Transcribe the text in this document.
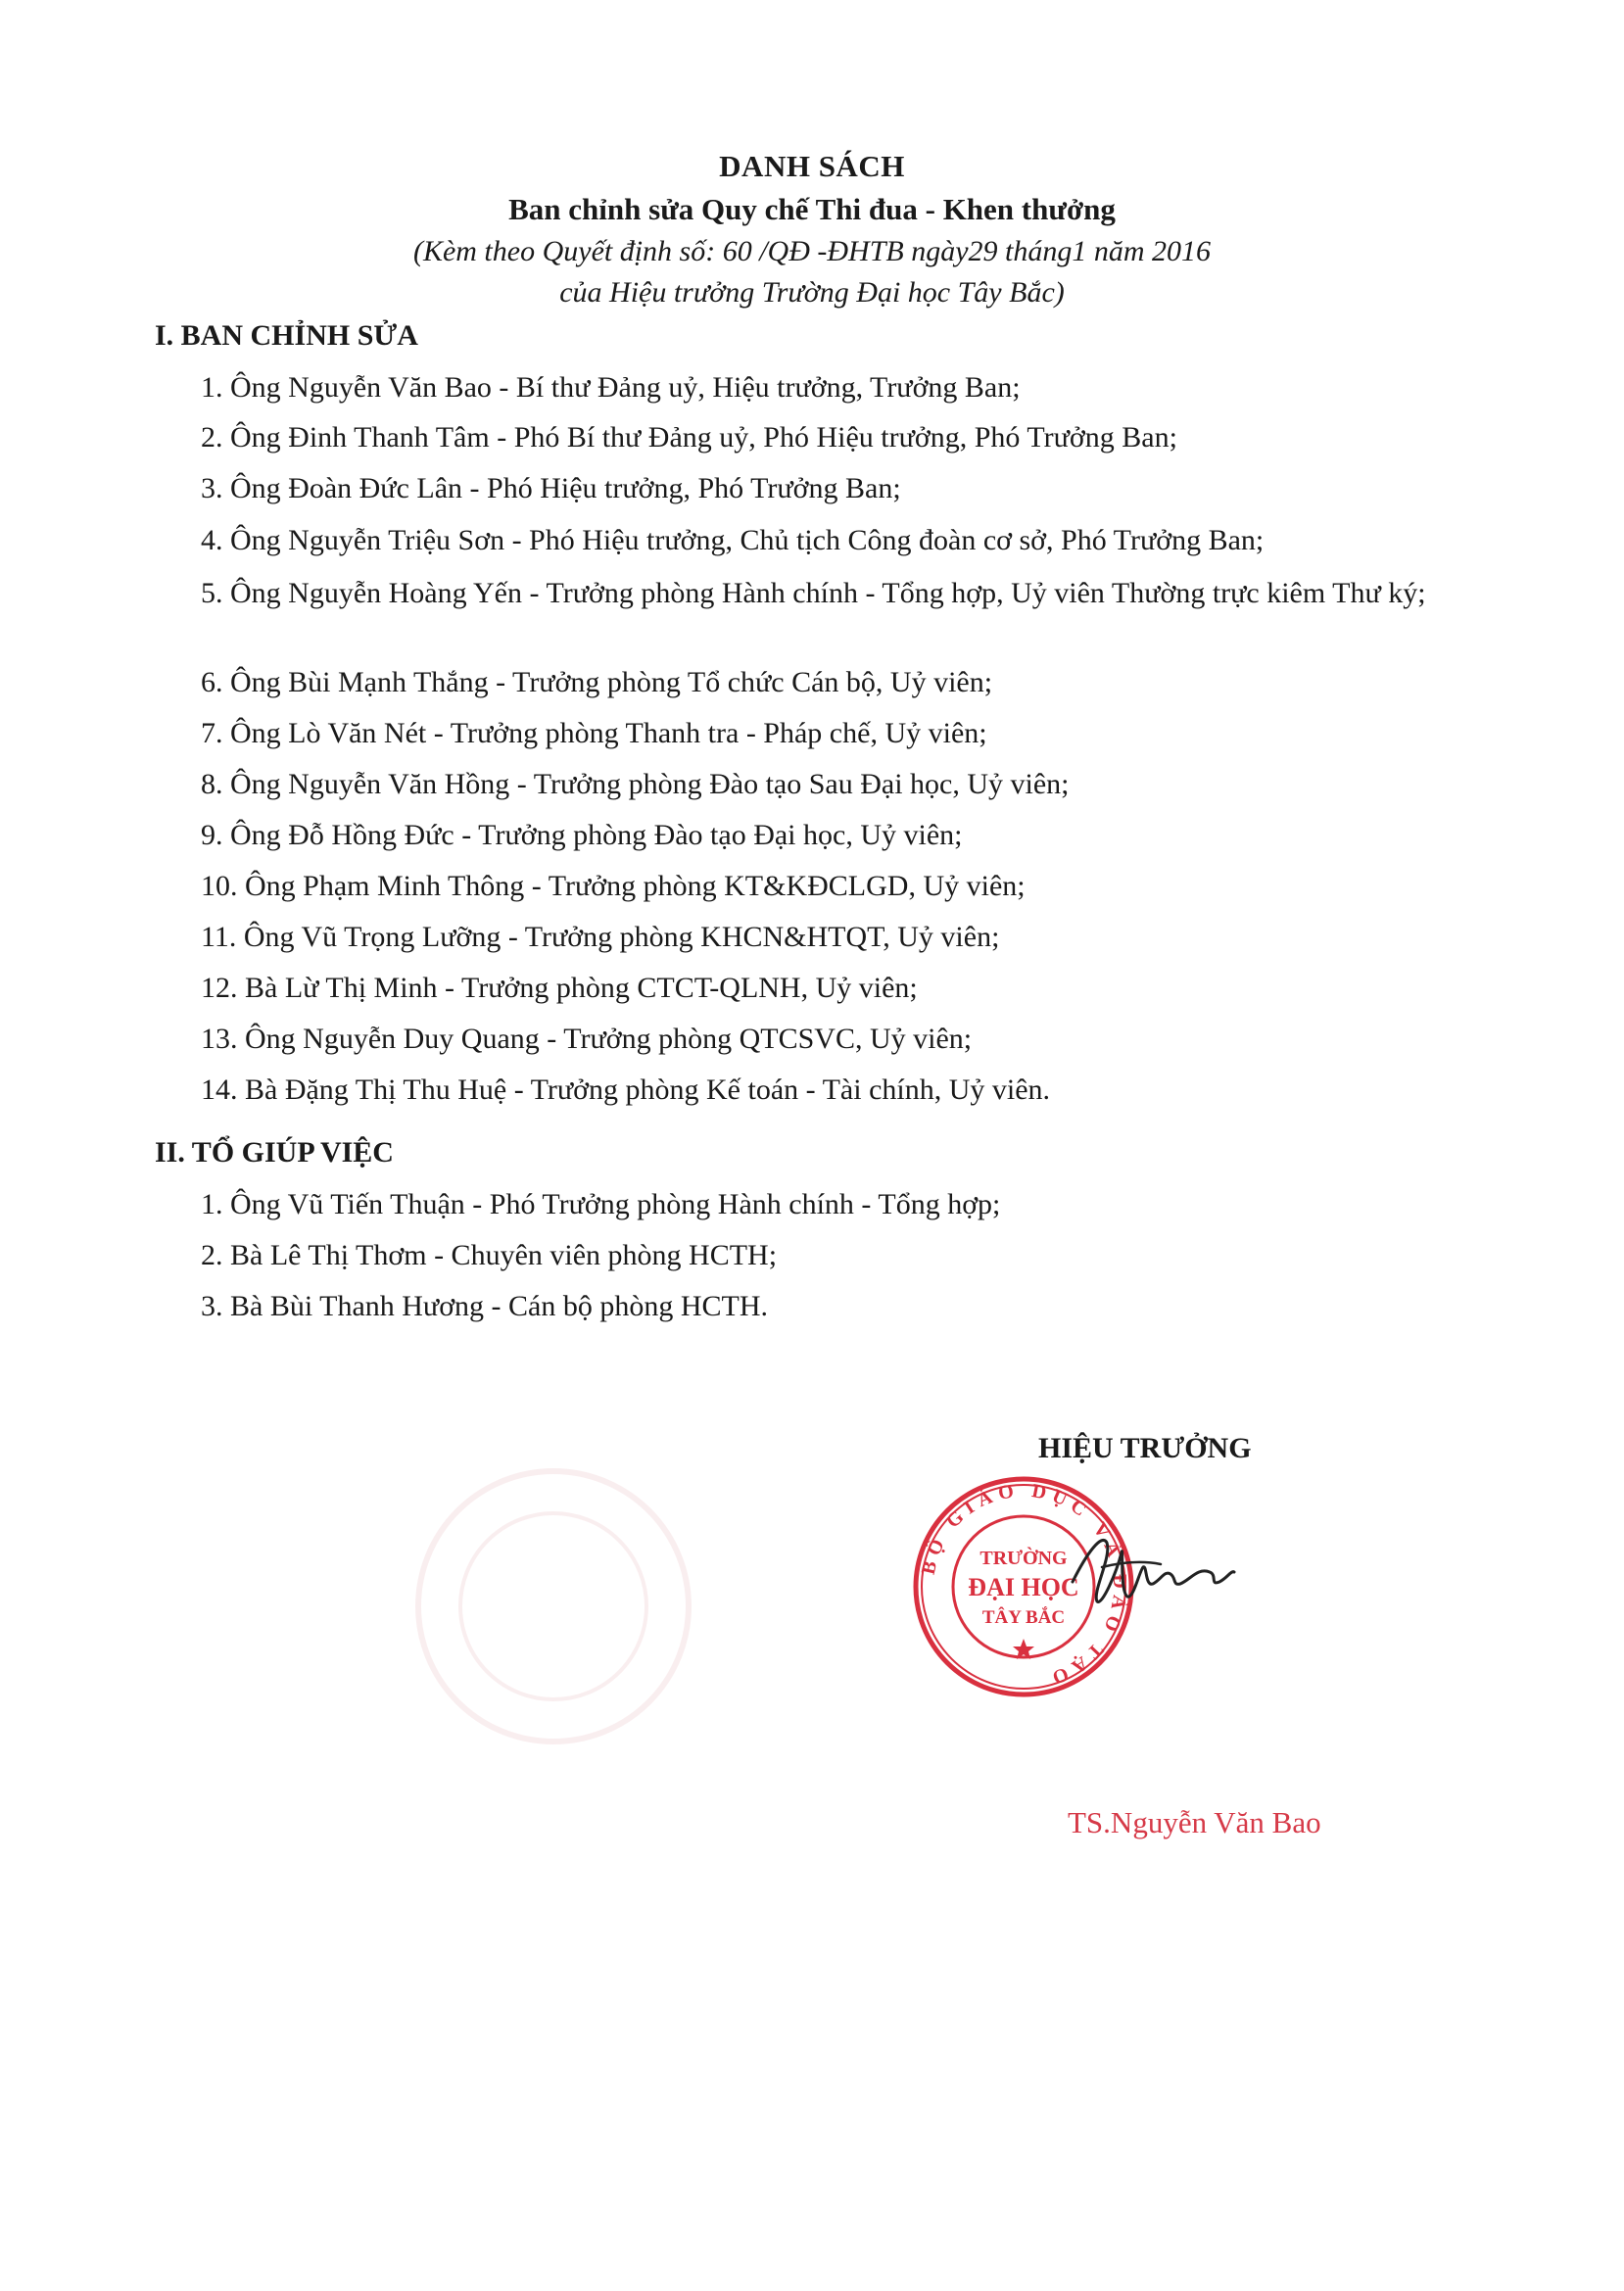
DANH SÁCH
Ban chỉnh sửa Quy chế Thi đua - Khen thưởng
(Kèm theo Quyết định số: 60 /QĐ -ĐHTB ngày29 tháng1 năm 2016
của Hiệu trưởng Trường Đại học Tây Bắc)
I. BAN CHỈNH SỬA
1. Ông Nguyễn Văn Bao - Bí thư Đảng uỷ, Hiệu trưởng, Trưởng Ban;
2. Ông Đinh Thanh Tâm - Phó Bí thư Đảng uỷ, Phó Hiệu trưởng, Phó Trưởng Ban;
3. Ông Đoàn Đức Lân - Phó Hiệu trưởng, Phó Trưởng Ban;
4. Ông Nguyễn Triệu Sơn - Phó Hiệu trưởng, Chủ tịch Công đoàn cơ sở, Phó Trưởng Ban;
5. Ông Nguyễn Hoàng Yến - Trưởng phòng Hành chính - Tổng hợp, Uỷ viên Thường trực kiêm Thư ký;
6. Ông Bùi Mạnh Thắng - Trưởng phòng Tổ chức Cán bộ, Uỷ viên;
7. Ông Lò Văn Nét - Trưởng phòng Thanh tra - Pháp chế, Uỷ viên;
8. Ông Nguyễn Văn Hồng - Trưởng phòng Đào tạo Sau Đại học, Uỷ viên;
9. Ông Đỗ Hồng Đức - Trưởng phòng Đào tạo Đại học, Uỷ viên;
10. Ông Phạm Minh Thông - Trưởng phòng KT&KĐCLGD, Uỷ viên;
11. Ông Vũ Trọng Lưỡng - Trưởng phòng KHCN&HTQT, Uỷ viên;
12. Bà Lừ Thị Minh - Trưởng phòng CTCT-QLNH, Uỷ viên;
13. Ông Nguyễn Duy Quang - Trưởng phòng QTCSVC, Uỷ viên;
14. Bà Đặng Thị Thu Huệ - Trưởng phòng Kế toán - Tài chính, Uỷ viên.
II. TỔ GIÚP VIỆC
1. Ông Vũ Tiến Thuận - Phó Trưởng phòng Hành chính - Tổng hợp;
2. Bà Lê Thị Thơm - Chuyên viên phòng HCTH;
3. Bà Bùi Thanh Hương - Cán bộ phòng HCTH.
HIỆU TRƯỞNG
BỘ GIÁO DỤC VÀ ĐÀO TẠO
TRƯỜNG
ĐẠI HỌC
TÂY BẮC
TS.Nguyễn Văn Bao
